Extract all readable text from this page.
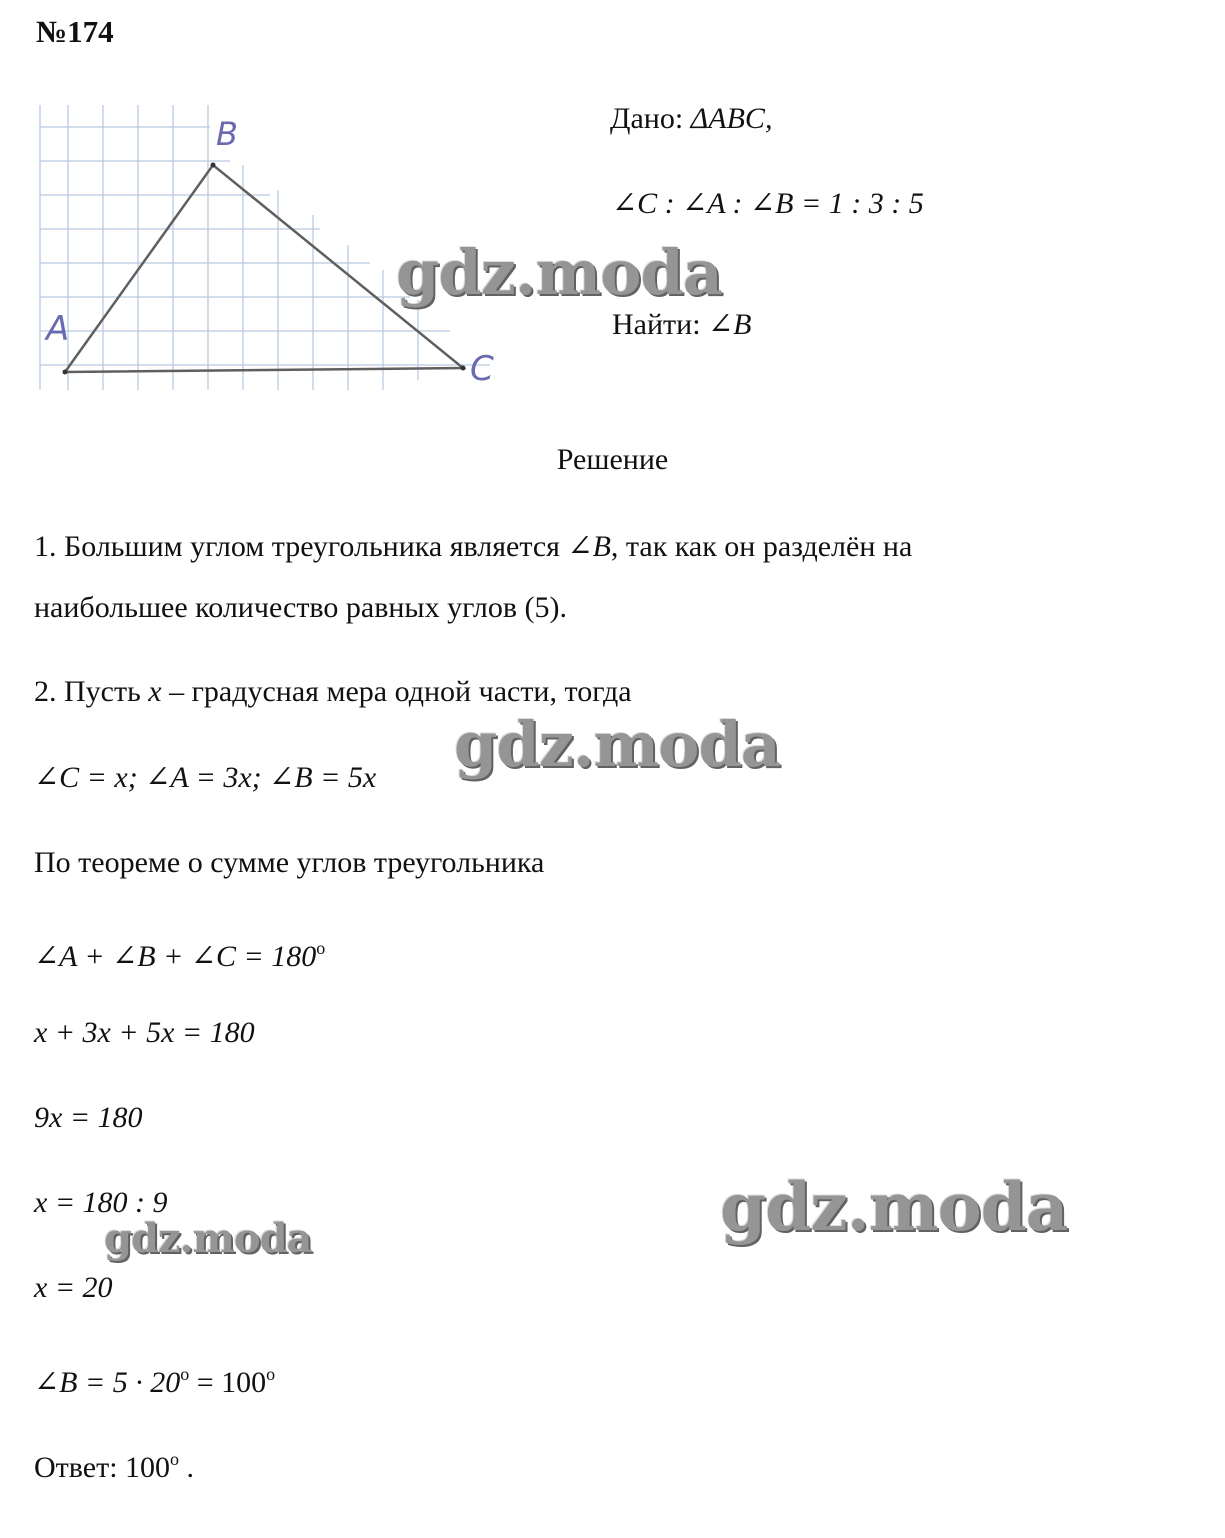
№174
A
B
C
Дано: ΔABC,
∠C : ∠A : ∠B = 1 : 3 : 5
Найти: ∠B
Решение
1. Большим углом треугольника является ∠B, так как он разделён на
наибольшее количество равных углов (5).
2. Пусть x – градусная мера одной части, тогда
∠C = x; ∠A = 3x; ∠B = 5x
По теореме о сумме углов треугольника
∠A + ∠B + ∠C = $180^o$
x + 3x + 5x = 180
9x = 180
x = 180 : 9
x = 20
∠B = $5 \cdot 20^o = 100^o$
Ответ: 100$^o$ .
gdz.moda
gdz.moda
gdz.moda
gdz.moda
